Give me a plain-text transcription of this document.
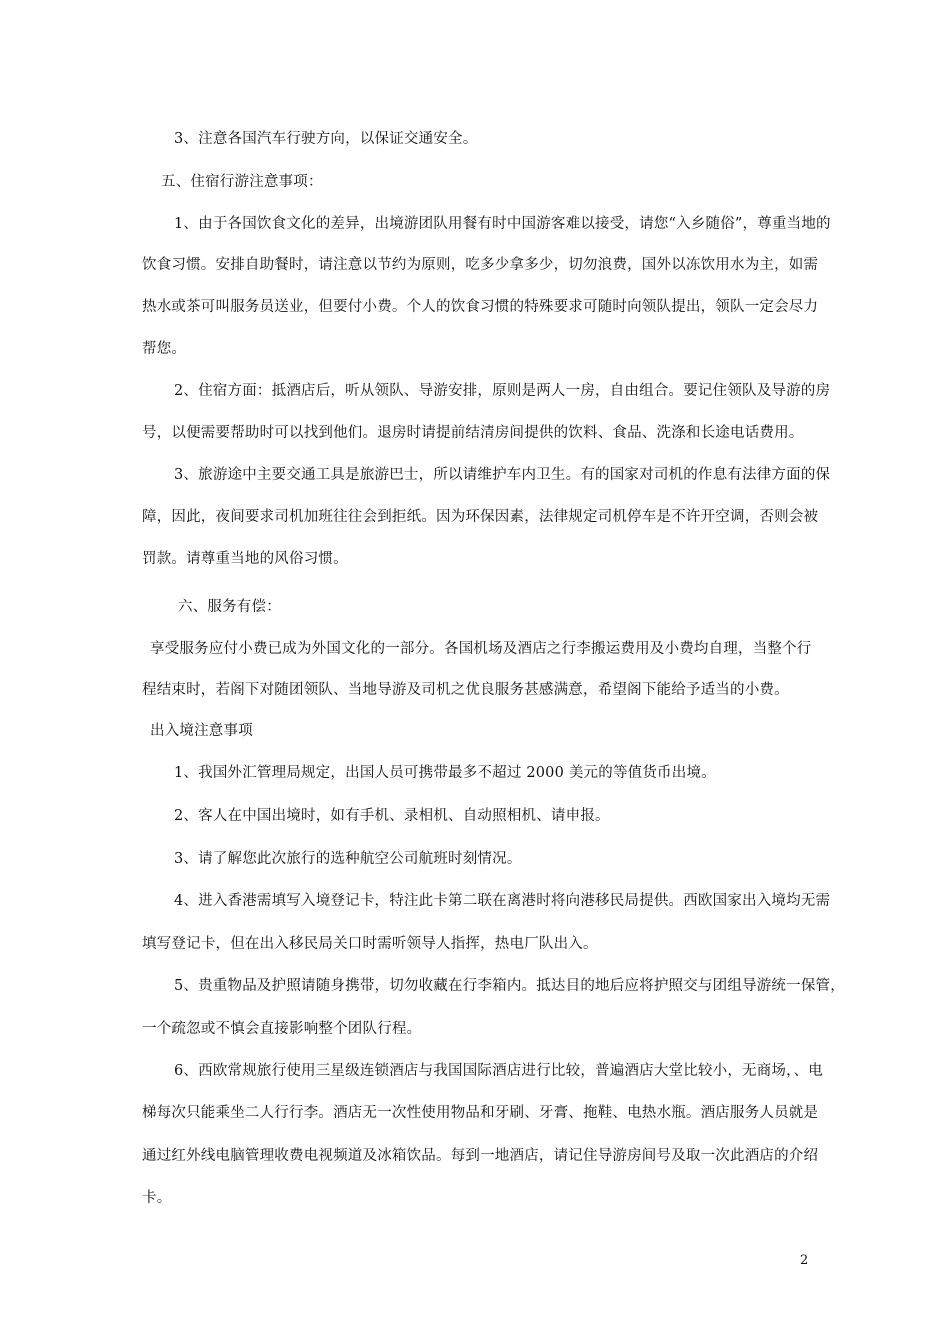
3、注意各国汽车行驶方向，以保证交通安全。
五、住宿行游注意事项：
1、由于各国饮食文化的差异，出境游团队用餐有时中国游客难以接受，请您“入乡随俗”，尊重当地的
饮食习惯。安排自助餐时，请注意以节约为原则，吃多少拿多少，切勿浪费，国外以冻饮用水为主，如需
热水或茶可叫服务员送业，但要付小费。个人的饮食习惯的特殊要求可随时向领队提出，领队一定会尽力
帮您。
2、住宿方面：抵酒店后，听从领队、导游安排，原则是两人一房，自由组合。要记住领队及导游的房
号，以便需要帮助时可以找到他们。退房时请提前结清房间提供的饮料、食品、洗涤和长途电话费用。
3、旅游途中主要交通工具是旅游巴士，所以请维护车内卫生。有的国家对司机的作息有法律方面的保
障，因此，夜间要求司机加班往往会到拒纸。因为环保因素，法律规定司机停车是不许开空调，否则会被
罚款。请尊重当地的风俗习惯。
六、服务有偿：
享受服务应付小费已成为外国文化的一部分。各国机场及酒店之行李搬运费用及小费均自理，当整个行
程结束时，若阁下对随团领队、当地导游及司机之优良服务甚感满意，希望阁下能给予适当的小费。
出入境注意事项
1、我国外汇管理局规定，出国人员可携带最多不超过 2000 美元的等值货币出境。
2、客人在中国出境时，如有手机、录相机、自动照相机、请申报。
3、请了解您此次旅行的选种航空公司航班时刻情况。
4、进入香港需填写入境登记卡，特注此卡第二联在离港时将向港移民局提供。西欧国家出入境均无需
填写登记卡，但在出入移民局关口时需听领导人指挥，热电厂队出入。
5、贵重物品及护照请随身携带，切勿收藏在行李箱内。抵达目的地后应将护照交与团组导游统一保管，
一个疏忽或不慎会直接影响整个团队行程。
6、西欧常规旅行使用三星级连锁酒店与我国国际酒店进行比较，普遍酒店大堂比较小，无商场，、电
梯每次只能乘坐二人行行李。酒店无一次性使用物品和牙刷、牙膏、拖鞋、电热水瓶。酒店服务人员就是
通过红外线电脑管理收费电视频道及冰箱饮品。每到一地酒店，请记住导游房间号及取一次此酒店的介绍
卡。
2
